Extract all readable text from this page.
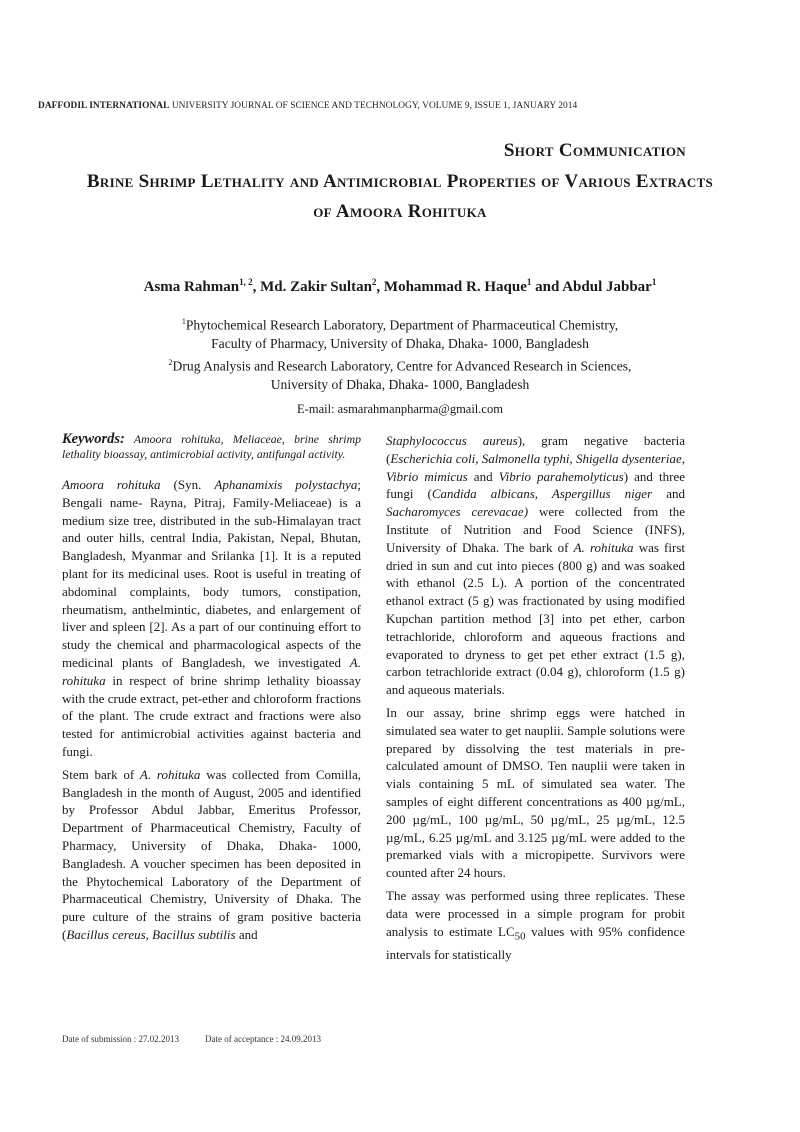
DAFFODIL INTERNATIONAL UNIVERSITY JOURNAL OF SCIENCE AND TECHNOLOGY, VOLUME 9, ISSUE 1, JANUARY 2014
Short Communication
Brine Shrimp Lethality and Antimicrobial Properties of Various Extracts of Amoora Rohituka
Asma Rahman$^{1, 2}$, Md. Zakir Sultan$^2$, Mohammad R. Haque$^1$ and Abdul Jabbar$^1$
$^1$Phytochemical Research Laboratory, Department of Pharmaceutical Chemistry,
Faculty of Pharmacy, University of Dhaka, Dhaka- 1000, Bangladesh
$^2$Drug Analysis and Research Laboratory, Centre for Advanced Research in Sciences,
University of Dhaka, Dhaka- 1000, Bangladesh
E-mail: asmarahmanpharma@gmail.com

Keywords: Amoora rohituka, Meliaceae, brine shrimp lethality bioassay, antimicrobial activity, antifungal activity.

Amoora rohituka (Syn. Aphanamixis polystachya; Bengali name- Rayna, Pitraj, Family-Meliaceae) is a medium size tree, distributed in the sub-Himalayan tract and outer hills, central India, Pakistan, Nepal, Bhutan, Bangladesh, Myanmar and Srilanka [1]. It is a reputed plant for its medicinal uses. Root is useful in treating of abdominal complaints, body tumors, constipation, rheumatism, anthelmintic, diabetes, and enlargement of liver and spleen [2]. As a part of our continuing effort to study the chemical and pharmacological aspects of the medicinal plants of Bangladesh, we investigated A. rohituka in respect of brine shrimp lethality bioassay with the crude extract, pet-ether and chloroform fractions of the plant. The crude extract and fractions were also tested for antimicrobial activities against bacteria and fungi.

Stem bark of A. rohituka was collected from Comilla, Bangladesh in the month of August, 2005 and identified by Professor Abdul Jabbar, Emeritus Professor, Department of Pharmaceutical Chemistry, Faculty of Pharmacy, University of Dhaka, Dhaka- 1000, Bangladesh. A voucher specimen has been deposited in the Phytochemical Laboratory of the Department of Pharmaceutical Chemistry, University of Dhaka. The pure culture of the strains of gram positive bacteria (Bacillus cereus, Bacillus subtilis and

Staphylococcus aureus), gram negative bacteria (Escherichia coli, Salmonella typhi, Shigella dysenteriae, Vibrio mimicus and Vibrio parahemolyticus) and three fungi (Candida albicans, Aspergillus niger and Sacharomyces cerevacae) were collected from the Institute of Nutrition and Food Science (INFS), University of Dhaka. The bark of A. rohituka was first dried in sun and cut into pieces (800 g) and was soaked with ethanol (2.5 L). A portion of the concentrated ethanol extract (5 g) was fractionated by using modified Kupchan partition method [3] into pet ether, carbon tetrachloride, chloroform and aqueous fractions and evaporated to dryness to get pet ether extract (1.5 g), carbon tetrachloride extract (0.04 g), chloroform (1.5 g) and aqueous materials.

In our assay, brine shrimp eggs were hatched in simulated sea water to get nauplii. Sample solutions were prepared by dissolving the test materials in pre-calculated amount of DMSO. Ten nauplii were taken in vials containing 5 mL of simulated sea water. The samples of eight different concentrations as 400 µg/mL, 200 µg/mL, 100 µg/mL, 50 µg/mL, 25 µg/mL, 12.5 µg/mL, 6.25 µg/mL and 3.125 µg/mL were added to the premarked vials with a micropipette. Survivors were counted after 24 hours.

The assay was performed using three replicates. These data were processed in a simple program for probit analysis to estimate $LC_{50}$ values with 95% confidence intervals for statistically

Date of submission : 27.02.2013	Date of acceptance : 24.09.2013
